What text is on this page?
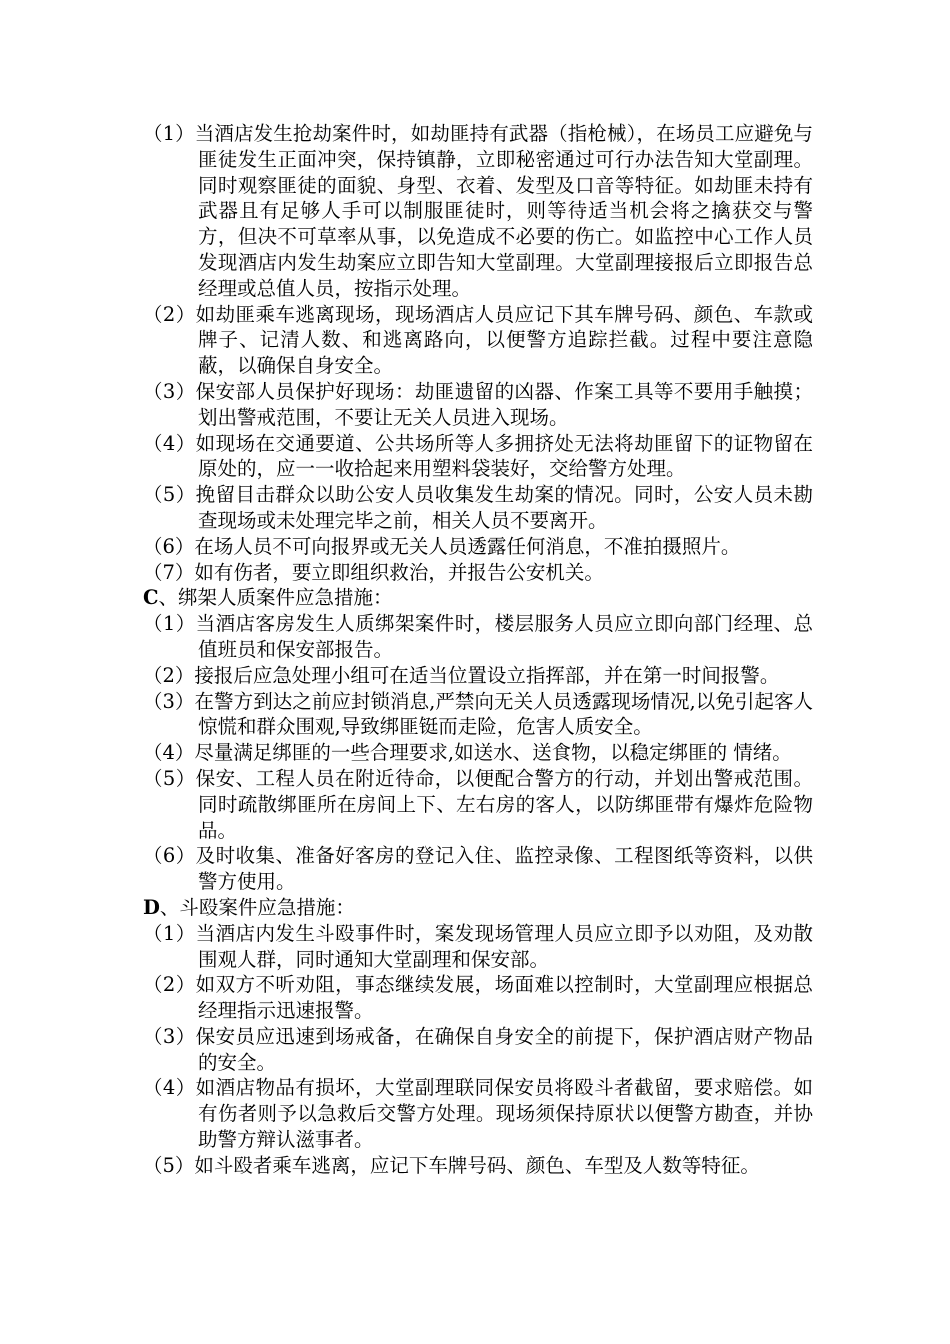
（1）当酒店发生抢劫案件时，如劫匪持有武器（指枪械），在场员工应避免与匪徒发生正面冲突，保持镇静，立即秘密通过可行办法告知大堂副理。同时观察匪徒的面貌、身型、衣着、发型及口音等特征。如劫匪未持有武器且有足够人手可以制服匪徒时，则等待适当机会将之擒获交与警方，但决不可草率从事，以免造成不必要的伤亡。如监控中心工作人员发现酒店内发生劫案应立即告知大堂副理。大堂副理接报后立即报告总经理或总值人员，按指示处理。

（2）如劫匪乘车逃离现场，现场酒店人员应记下其车牌号码、颜色、车款或牌子、记清人数、和逃离路向，以便警方追踪拦截。过程中要注意隐蔽，以确保自身安全。

（3）保安部人员保护好现场：劫匪遗留的凶器、作案工具等不要用手触摸；划出警戒范围，不要让无关人员进入现场。

（4）如现场在交通要道、公共场所等人多拥挤处无法将劫匪留下的证物留在原处的，应一一收拾起来用塑料袋装好，交给警方处理。

（5）挽留目击群众以助公安人员收集发生劫案的情况。同时，公安人员未勘查现场或未处理完毕之前，相关人员不要离开。

（6）在场人员不可向报界或无关人员透露任何消息，不准拍摄照片。

（7）如有伤者，要立即组织救治，并报告公安机关。

C、绑架人质案件应急措施：

（1）当酒店客房发生人质绑架案件时，楼层服务人员应立即向部门经理、总值班员和保安部报告。

（2）接报后应急处理小组可在适当位置设立指挥部，并在第一时间报警。

（3）在警方到达之前应封锁消息,严禁向无关人员透露现场情况,以免引起客人惊慌和群众围观,导致绑匪铤而走险，危害人质安全。

（4）尽量满足绑匪的一些合理要求,如送水、送食物，以稳定绑匪的 情绪。

（5）保安、工程人员在附近待命，以便配合警方的行动，并划出警戒范围。同时疏散绑匪所在房间上下、左右房的客人，以防绑匪带有爆炸危险物品。

（6）及时收集、准备好客房的登记入住、监控录像、工程图纸等资料，以供警方使用。

D、斗殴案件应急措施：

（1）当酒店内发生斗殴事件时，案发现场管理人员应立即予以劝阻，及劝散围观人群，同时通知大堂副理和保安部。

（2）如双方不听劝阻，事态继续发展，场面难以控制时，大堂副理应根据总经理指示迅速报警。

（3）保安员应迅速到场戒备，在确保自身安全的前提下，保护酒店财产物品的安全。

（4）如酒店物品有损坏，大堂副理联同保安员将殴斗者截留，要求赔偿。如有伤者则予以急救后交警方处理。现场须保持原状以便警方勘查，并协助警方辩认滋事者。

（5）如斗殴者乘车逃离，应记下车牌号码、颜色、车型及人数等特征。
